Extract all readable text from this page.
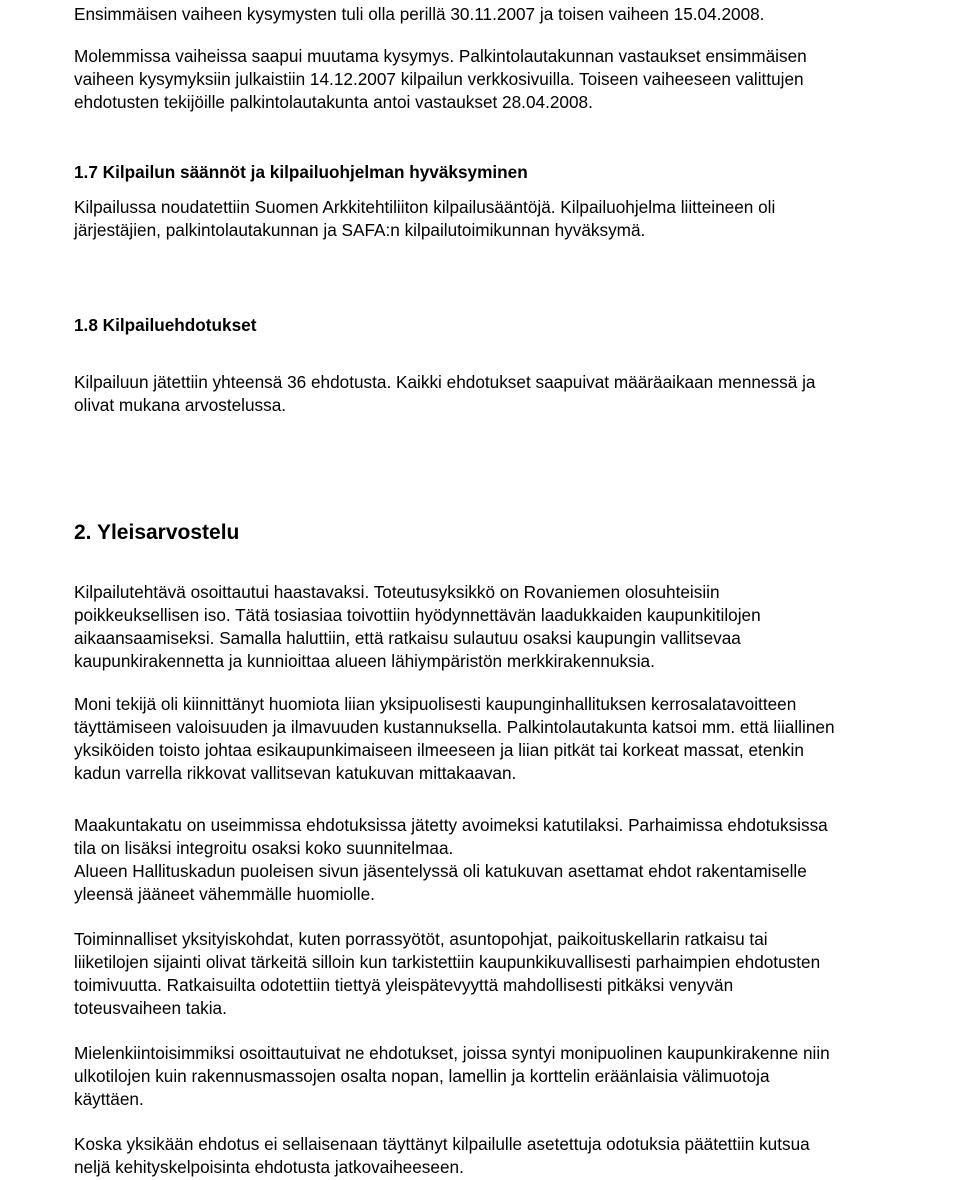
Ensimmäisen vaiheen kysymysten tuli olla perillä 30.11.2007 ja toisen vaiheen 15.04.2008.

Molemmissa vaiheissa saapui muutama kysymys. Palkintolautakunnan vastaukset ensimmäisen
vaiheen kysymyksiin julkaistiin 14.12.2007 kilpailun verkkosivuilla. Toiseen vaiheeseen valittujen
ehdotusten tekijöille palkintolautakunta antoi vastaukset 28.04.2008.

1.7 Kilpailun säännöt ja kilpailuohjelman hyväksyminen

Kilpailussa noudatettiin Suomen Arkkitehtiliiton kilpailusääntöjä. Kilpailuohjelma liitteineen oli
järjestäjien, palkintolautakunnan ja SAFA:n kilpailutoimikunnan hyväksymä.

1.8 Kilpailuehdotukset

Kilpailuun jätettiin yhteensä 36 ehdotusta. Kaikki ehdotukset saapuivat määräaikaan mennessä ja
olivat mukana arvostelussa.

2. Yleisarvostelu

Kilpailutehtävä osoittautui haastavaksi. Toteutusyksikkö on Rovaniemen olosuhteisiin
poikkeuksellisen iso. Tätä tosiasiaa toivottiin hyödynnettävän laadukkaiden kaupunkitilojen
aikaansaamiseksi. Samalla haluttiin, että ratkaisu sulautuu osaksi kaupungin vallitsevaa
kaupunkirakennetta ja kunnioittaa alueen lähiympäristön merkkirakennuksia.

Moni tekijä oli kiinnittänyt huomiota liian yksipuolisesti kaupunginhallituksen kerrosalatavoitteen
täyttämiseen valoisuuden ja ilmavuuden kustannuksella. Palkintolautakunta katsoi mm. että liiallinen
yksiköiden toisto johtaa esikaupunkimaiseen ilmeeseen ja liian pitkät tai korkeat massat, etenkin
kadun varrella rikkovat vallitsevan katukuvan mittakaavan.

Maakuntakatu on useimmissa ehdotuksissa jätetty avoimeksi katutilaksi. Parhaimissa ehdotuksissa
tila on lisäksi integroitu osaksi koko suunnitelmaa.
Alueen Hallituskadun puoleisen sivun jäsentelyssä oli katukuvan asettamat ehdot rakentamiselle
yleensä jääneet vähemmälle huomiolle.

Toiminnalliset yksityiskohdat, kuten porrassyötöt, asuntopohjat, paikoituskellarin ratkaisu tai
liiketilojen sijainti olivat tärkeitä silloin kun tarkistettiin kaupunkikuvallisesti parhaimpien ehdotusten
toimivuutta. Ratkaisuilta odotettiin tiettyä yleispätevyyttä mahdollisesti pitkäksi venyvän
toteusvaiheen takia.

Mielenkiintoisimmiksi osoittautuivat ne ehdotukset, joissa syntyi monipuolinen kaupunkirakenne niin
ulkotilojen kuin rakennusmassojen osalta nopan, lamellin ja korttelin eräänlaisia välimuotoja
käyttäen.

Koska yksikään ehdotus ei sellaisenaan täyttänyt kilpailulle asetettuja odotuksia päätettiin kutsua
neljä kehityskelpoisinta ehdotusta jatkovaiheeseen.
